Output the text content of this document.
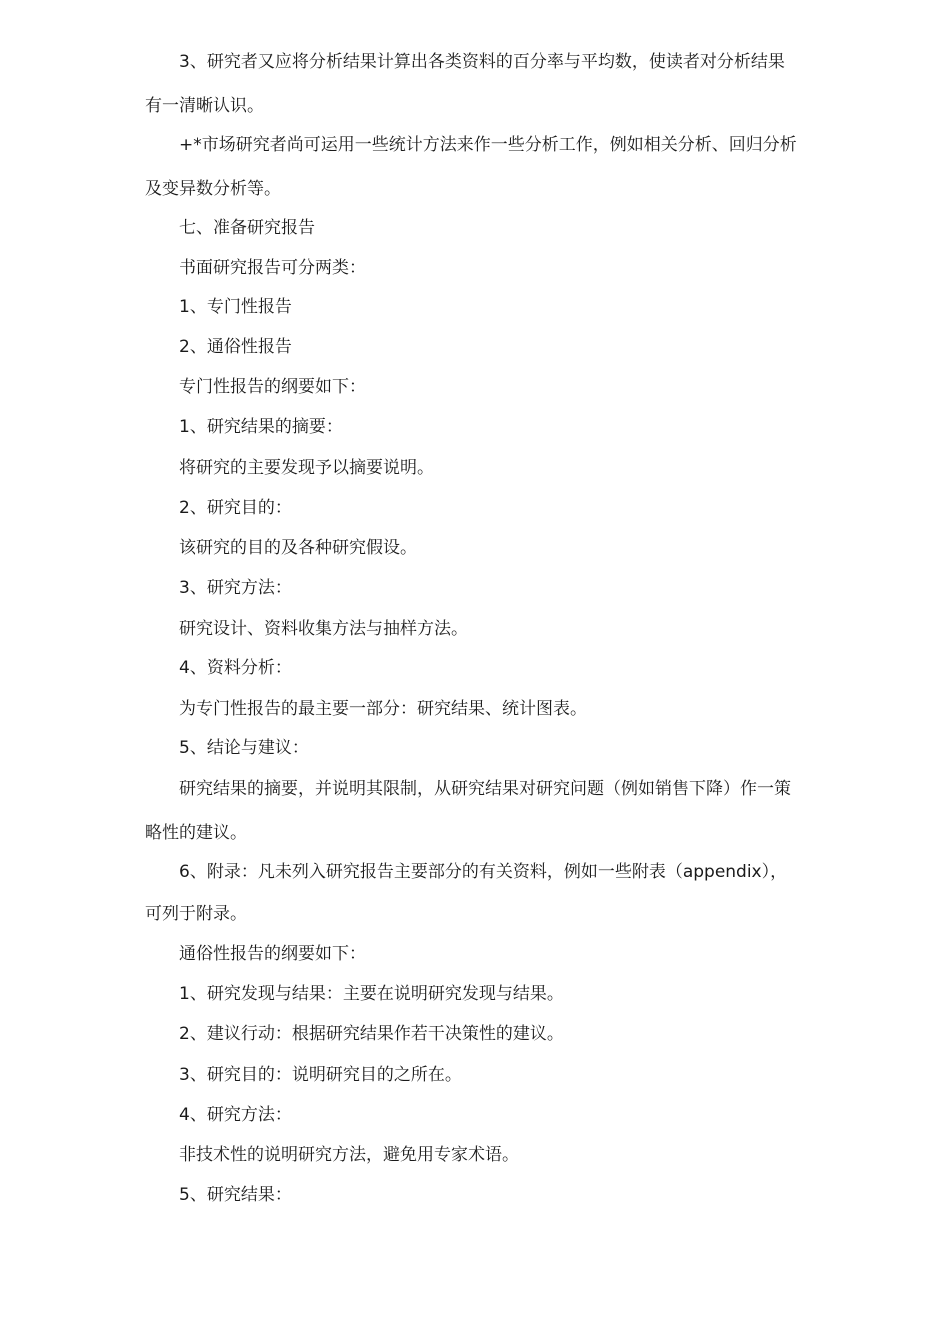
3、研究者又应将分析结果计算出各类资料的百分率与平均数，使读者对分析结果
有一清晰认识。
+*市场研究者尚可运用一些统计方法来作一些分析工作，例如相关分析、回归分析
及变异数分析等。
七、准备研究报告
书面研究报告可分两类：
1、专门性报告
2、通俗性报告
专门性报告的纲要如下：
1、研究结果的摘要：
将研究的主要发现予以摘要说明。
2、研究目的：
该研究的目的及各种研究假设。
3、研究方法：
研究设计、资料收集方法与抽样方法。
4、资料分析：
为专门性报告的最主要一部分：研究结果、统计图表。
5、结论与建议：
研究结果的摘要，并说明其限制，从研究结果对研究问题（例如销售下降）作一策
略性的建议。
6、附录：凡未列入研究报告主要部分的有关资料，例如一些附表（appendix），
可列于附录。
通俗性报告的纲要如下：
1、研究发现与结果：主要在说明研究发现与结果。
2、建议行动：根据研究结果作若干决策性的建议。
3、研究目的：说明研究目的之所在。
4、研究方法：
非技术性的说明研究方法，避免用专家术语。
5、研究结果：
